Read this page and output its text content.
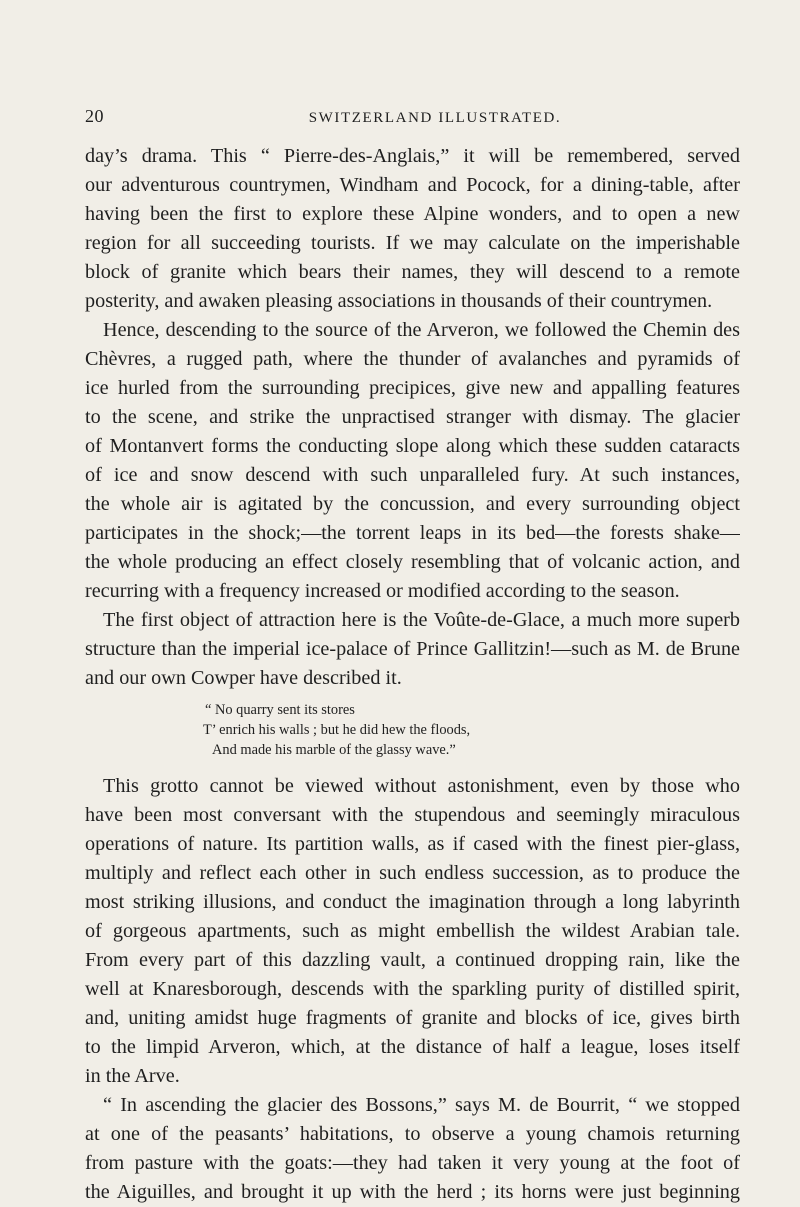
20	SWITZERLAND ILLUSTRATED.
day’s drama. This “ Pierre-des-Anglais,” it will be remembered, served
our adventurous countrymen, Windham and Pocock, for a dining-table, after
having been the first to explore these Alpine wonders, and to open a new
region for all succeeding tourists. If we may calculate on the imperishable
block of granite which bears their names, they will descend to a remote
posterity, and awaken pleasing associations in thousands of their countrymen.
Hence, descending to the source of the Arveron, we followed the Chemin des
Chèvres, a rugged path, where the thunder of avalanches and pyramids of
ice hurled from the surrounding precipices, give new and appalling features
to the scene, and strike the unpractised stranger with dismay. The glacier
of Montanvert forms the conducting slope along which these sudden cataracts
of ice and snow descend with such unparalleled fury. At such instances,
the whole air is agitated by the concussion, and every surrounding object
participates in the shock;—the torrent leaps in its bed—the forests shake—
the whole producing an effect closely resembling that of volcanic action, and
recurring with a frequency increased or modified according to the season.
The first object of attraction here is the Voûte-de-Glace, a much more superb
structure than the imperial ice-palace of Prince Gallitzin!—such as M. de Brune
and our own Cowper have described it.
“ No quarry sent its stores
T’ enrich his walls ; but he did hew the floods,
And made his marble of the glassy wave.”
This grotto cannot be viewed without astonishment, even by those who
have been most conversant with the stupendous and seemingly miraculous
operations of nature. Its partition walls, as if cased with the finest pier-glass,
multiply and reflect each other in such endless succession, as to produce the
most striking illusions, and conduct the imagination through a long labyrinth
of gorgeous apartments, such as might embellish the wildest Arabian tale.
From every part of this dazzling vault, a continued dropping rain, like the
well at Knaresborough, descends with the sparkling purity of distilled spirit,
and, uniting amidst huge fragments of granite and blocks of ice, gives birth
to the limpid Arveron, which, at the distance of half a league, loses itself
in the Arve.
“ In ascending the glacier des Bossons,” says M. de Bourrit, “ we stopped
at one of the peasants’ habitations, to observe a young chamois returning
from pasture with the goats:—they had taken it very young at the foot of
the Aiguilles, and brought it up with the herd ; its horns were just beginning
